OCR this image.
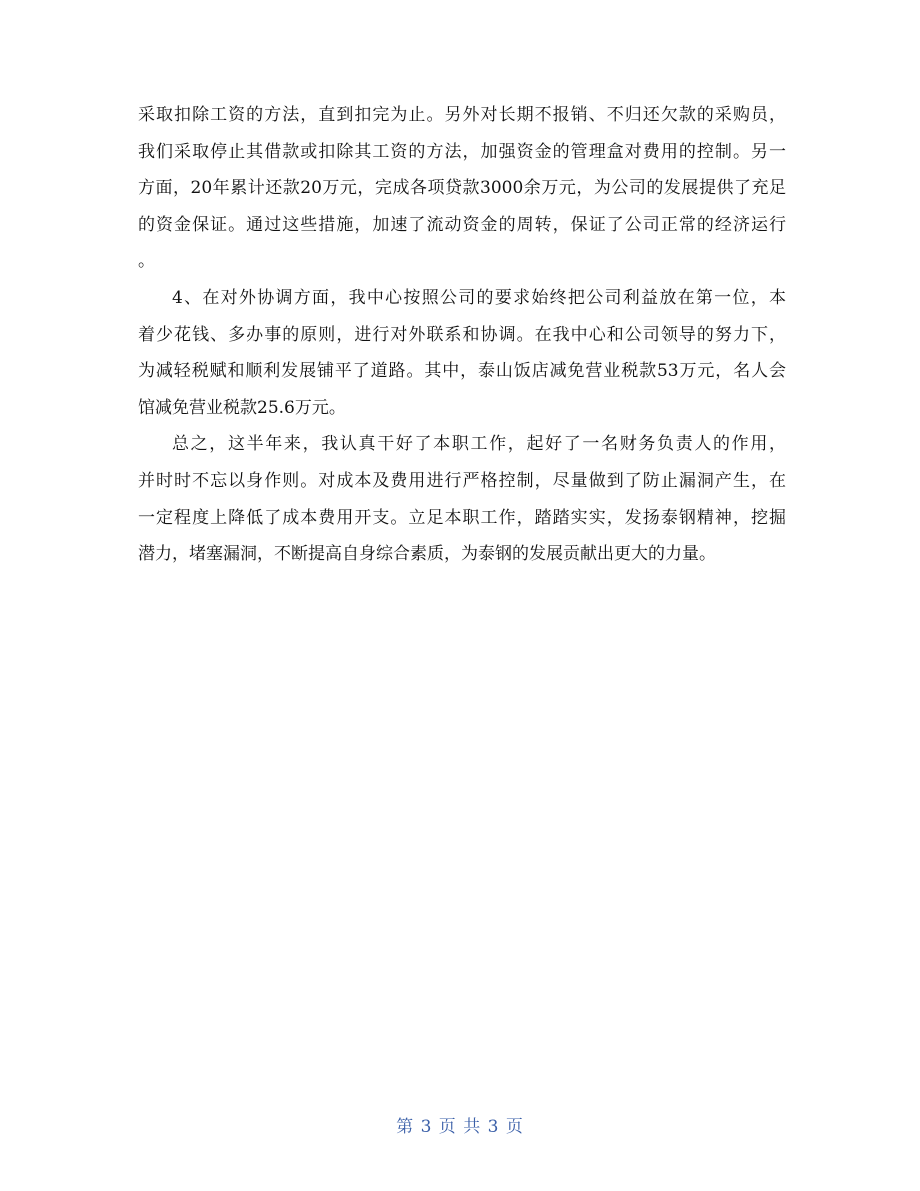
采取扣除工资的方法，直到扣完为止。另外对长期不报销、不归还欠款的采购员，
我们采取停止其借款或扣除其工资的方法，加强资金的管理盒对费用的控制。另一
方面，20年累计还款20万元，完成各项贷款3000余万元，为公司的发展提供了充足
的资金保证。通过这些措施，加速了流动资金的周转，保证了公司正常的经济运行
。
4、在对外协调方面，我中心按照公司的要求始终把公司利益放在第一位，本
着少花钱、多办事的原则，进行对外联系和协调。在我中心和公司领导的努力下，
为减轻税赋和顺利发展铺平了道路。其中，泰山饭店减免营业税款53万元，名人会
馆减免营业税款25.6万元。
总之，这半年来，我认真干好了本职工作，起好了一名财务负责人的作用，
并时时不忘以身作则。对成本及费用进行严格控制，尽量做到了防止漏洞产生，在
一定程度上降低了成本费用开支。立足本职工作，踏踏实实，发扬泰钢精神，挖掘
潜力，堵塞漏洞，不断提高自身综合素质，为泰钢的发展贡献出更大的力量。
第 3 页 共 3 页
